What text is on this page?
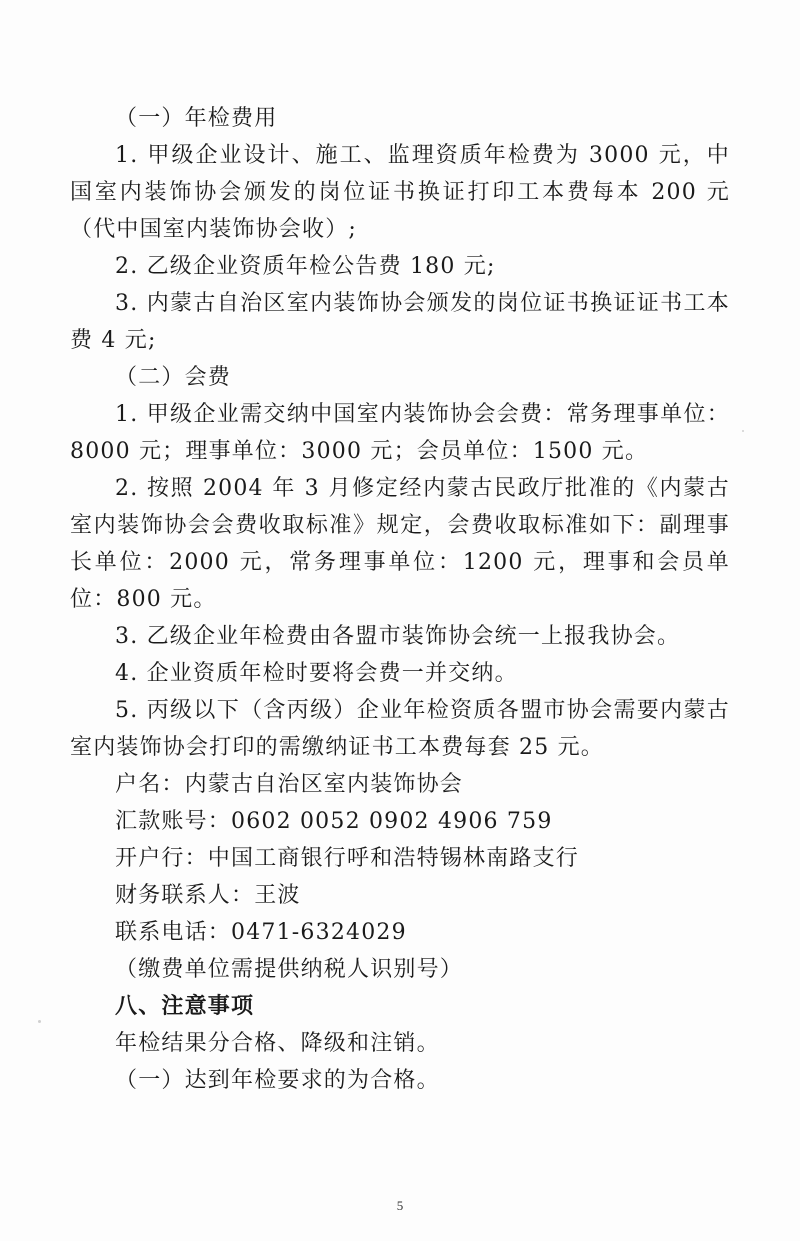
（一）年检费用

1. 甲级企业设计、施工、监理资质年检费为 3000 元，中国室内装饰协会颁发的岗位证书换证打印工本费每本 200 元（代中国室内装饰协会收）;

2. 乙级企业资质年检公告费 180 元;

3. 内蒙古自治区室内装饰协会颁发的岗位证书换证证书工本费 4 元;

（二）会费

1. 甲级企业需交纳中国室内装饰协会会费：常务理事单位：8000 元；理事单位：3000 元；会员单位：1500 元。

2. 按照 2004 年 3 月修定经内蒙古民政厅批准的《内蒙古室内装饰协会会费收取标准》规定，会费收取标准如下：副理事长单位：2000 元，常务理事单位：1200 元，理事和会员单位：800 元。

3. 乙级企业年检费由各盟市装饰协会统一上报我协会。

4. 企业资质年检时要将会费一并交纳。

5. 丙级以下（含丙级）企业年检资质各盟市协会需要内蒙古室内装饰协会打印的需缴纳证书工本费每套 25 元。

户名：内蒙古自治区室内装饰协会

汇款账号：0602 0052 0902 4906 759

开户行：中国工商银行呼和浩特锡林南路支行

财务联系人：王波

联系电话：0471-6324029

（缴费单位需提供纳税人识别号）

八、注意事项

年检结果分合格、降级和注销。

（一）达到年检要求的为合格。

5
